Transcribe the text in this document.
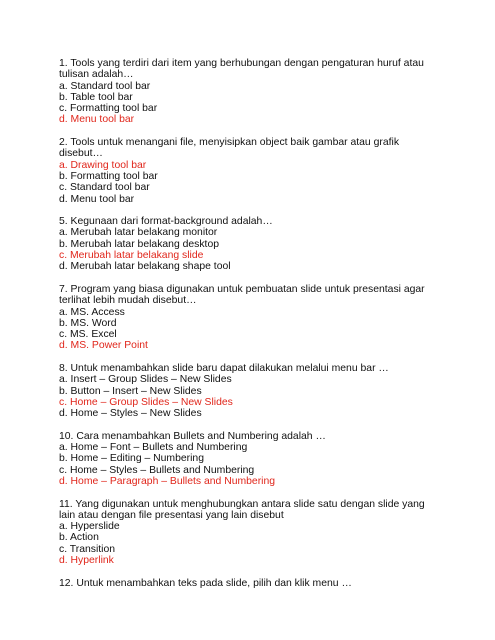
1. Tools yang terdiri dari item yang berhubungan dengan pengaturan huruf atau tulisan adalah…
a. Standard tool bar
b. Table tool bar
c. Formatting tool bar
d. Menu tool bar
2. Tools untuk menangani file, menyisipkan object baik gambar atau grafik disebut…
a. Drawing tool bar
b. Formatting tool bar
c. Standard tool bar
d. Menu tool bar
5. Kegunaan dari format-background adalah…
a. Merubah latar belakang monitor
b. Merubah latar belakang desktop
c. Merubah latar belakang slide
d. Merubah latar belakang shape tool
7. Program yang biasa digunakan untuk pembuatan slide untuk presentasi agar terlihat lebih mudah disebut…
a. MS. Access
b. MS. Word
c. MS. Excel
d. MS. Power Point
8. Untuk menambahkan slide baru dapat dilakukan melalui menu bar …
a. Insert – Group Slides – New Slides
b. Button – Insert – New Slides
c. Home – Group Slides – New Slides
d. Home – Styles – New Slides
10. Cara menambahkan Bullets and Numbering adalah …
a. Home – Font – Bullets and Numbering
b. Home – Editing – Numbering
c. Home – Styles – Bullets and Numbering
d. Home – Paragraph – Bullets and Numbering
11. Yang digunakan untuk menghubungkan antara slide satu dengan slide yang lain atau dengan file presentasi yang lain disebut
a. Hyperslide
b. Action
c. Transition
d. Hyperlink
12. Untuk menambahkan teks pada slide, pilih dan klik menu …
